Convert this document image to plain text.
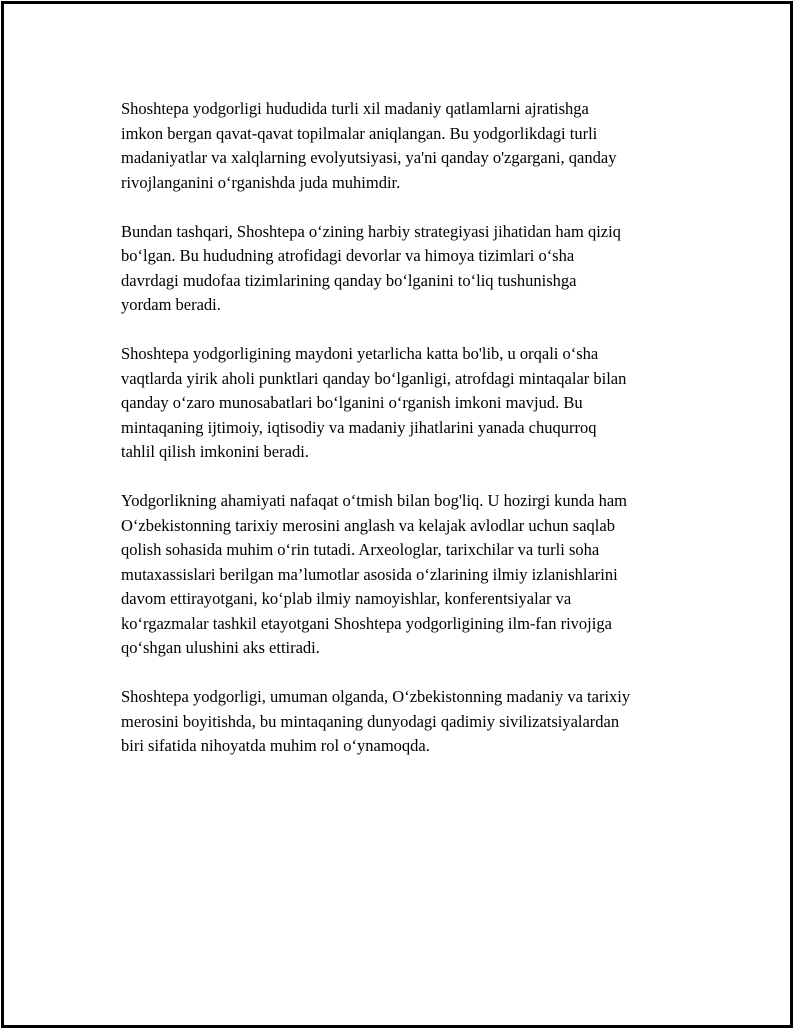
Shoshtepa yodgorligi hududida turli xil madaniy qatlamlarni ajratishga
imkon bergan qavat-qavat topilmalar aniqlangan. Bu yodgorlikdagi turli
madaniyatlar va xalqlarning evolyutsiyasi, ya'ni qanday o'zgargani, qanday
rivojlanganini o‘rganishda juda muhimdir.

Bundan tashqari, Shoshtepa o‘zining harbiy strategiyasi jihatidan ham qiziq
bo‘lgan. Bu hududning atrofidagi devorlar va himoya tizimlari o‘sha
davrdagi mudofaa tizimlarining qanday bo‘lganini to‘liq tushunishga
yordam beradi.

Shoshtepa yodgorligining maydoni yetarlicha katta bo'lib, u orqali o‘sha
vaqtlarda yirik aholi punktlari qanday bo‘lganligi, atrofdagi mintaqalar bilan
qanday o‘zaro munosabatlari bo‘lganini o‘rganish imkoni mavjud. Bu
mintaqaning ijtimoiy, iqtisodiy va madaniy jihatlarini yanada chuqurroq
tahlil qilish imkonini beradi.

Yodgorlikning ahamiyati nafaqat o‘tmish bilan bog'liq. U hozirgi kunda ham
O‘zbekistonning tarixiy merosini anglash va kelajak avlodlar uchun saqlab
qolish sohasida muhim o‘rin tutadi. Arxeologlar, tarixchilar va turli soha
mutaxassislari berilgan ma’lumotlar asosida o‘zlarining ilmiy izlanishlarini
davom ettirayotgani, ko‘plab ilmiy namoyishlar, konferentsiyalar va
ko‘rgazmalar tashkil etayotgani Shoshtepa yodgorligining ilm-fan rivojiga
qo‘shgan ulushini aks ettiradi.

Shoshtepa yodgorligi, umuman olganda, O‘zbekistonning madaniy va tarixiy
merosini boyitishda, bu mintaqaning dunyodagi qadimiy sivilizatsiyalardan
biri sifatida nihoyatda muhim rol o‘ynamoqda.
